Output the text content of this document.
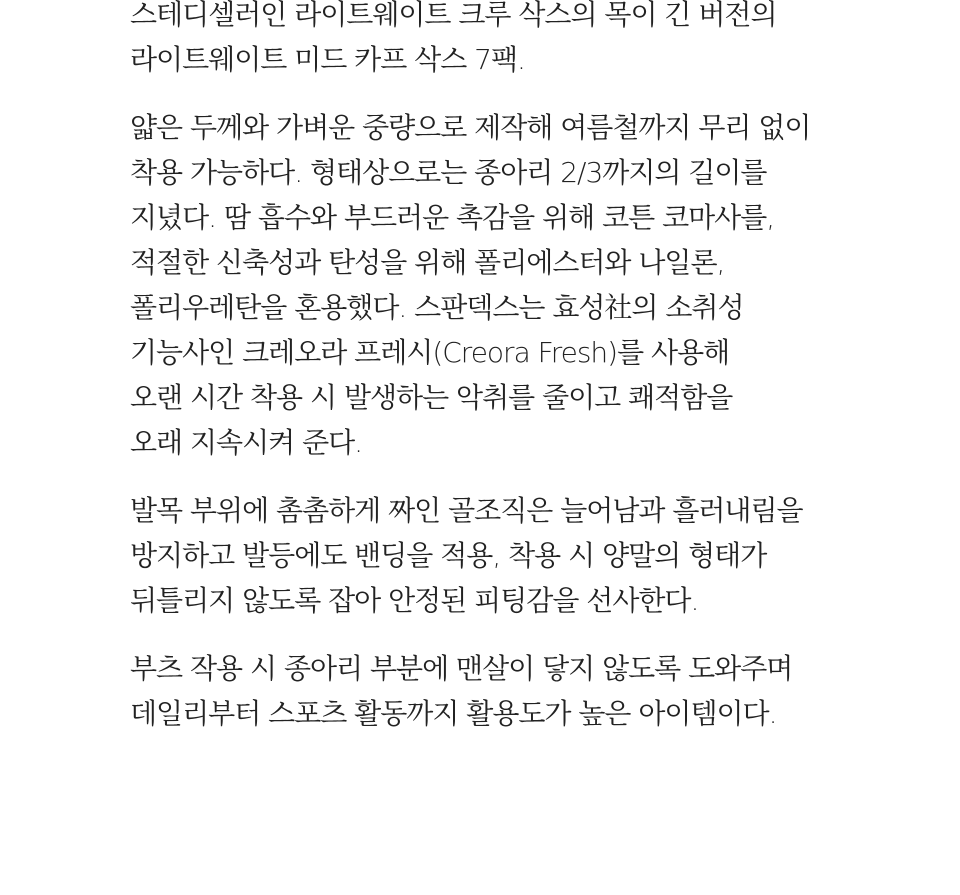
스테디셀러인 라이트웨이트 크루 삭스의 목이 긴 버전의
라이트웨이트 미드 카프 삭스 7팩.
얇은 두께와 가벼운 중량으로 제작해 여름철까지 무리 없이
착용 가능하다. 형태상으로는 종아리 2/3까지의 길이를
지녔다. 땀 흡수와 부드러운 촉감을 위해 코튼 코마사를,
적절한 신축성과 탄성을 위해 폴리에스터와 나일론,
폴리우레탄을 혼용했다. 스판덱스는 효성社의 소취성
기능사인 크레오라 프레시(Creora Fresh)를 사용해
오랜 시간 착용 시 발생하는 악취를 줄이고 쾌적함을
오래 지속시켜 준다.
발목 부위에 촘촘하게 짜인 골조직은 늘어남과 흘러내림을
방지하고 발등에도 밴딩을 적용, 착용 시 양말의 형태가
뒤틀리지 않도록 잡아 안정된 피팅감을 선사한다.
부츠 작용 시 종아리 부분에 맨살이 닿지 않도록 도와주며
데일리부터 스포츠 활동까지 활용도가 높은 아이템이다.
